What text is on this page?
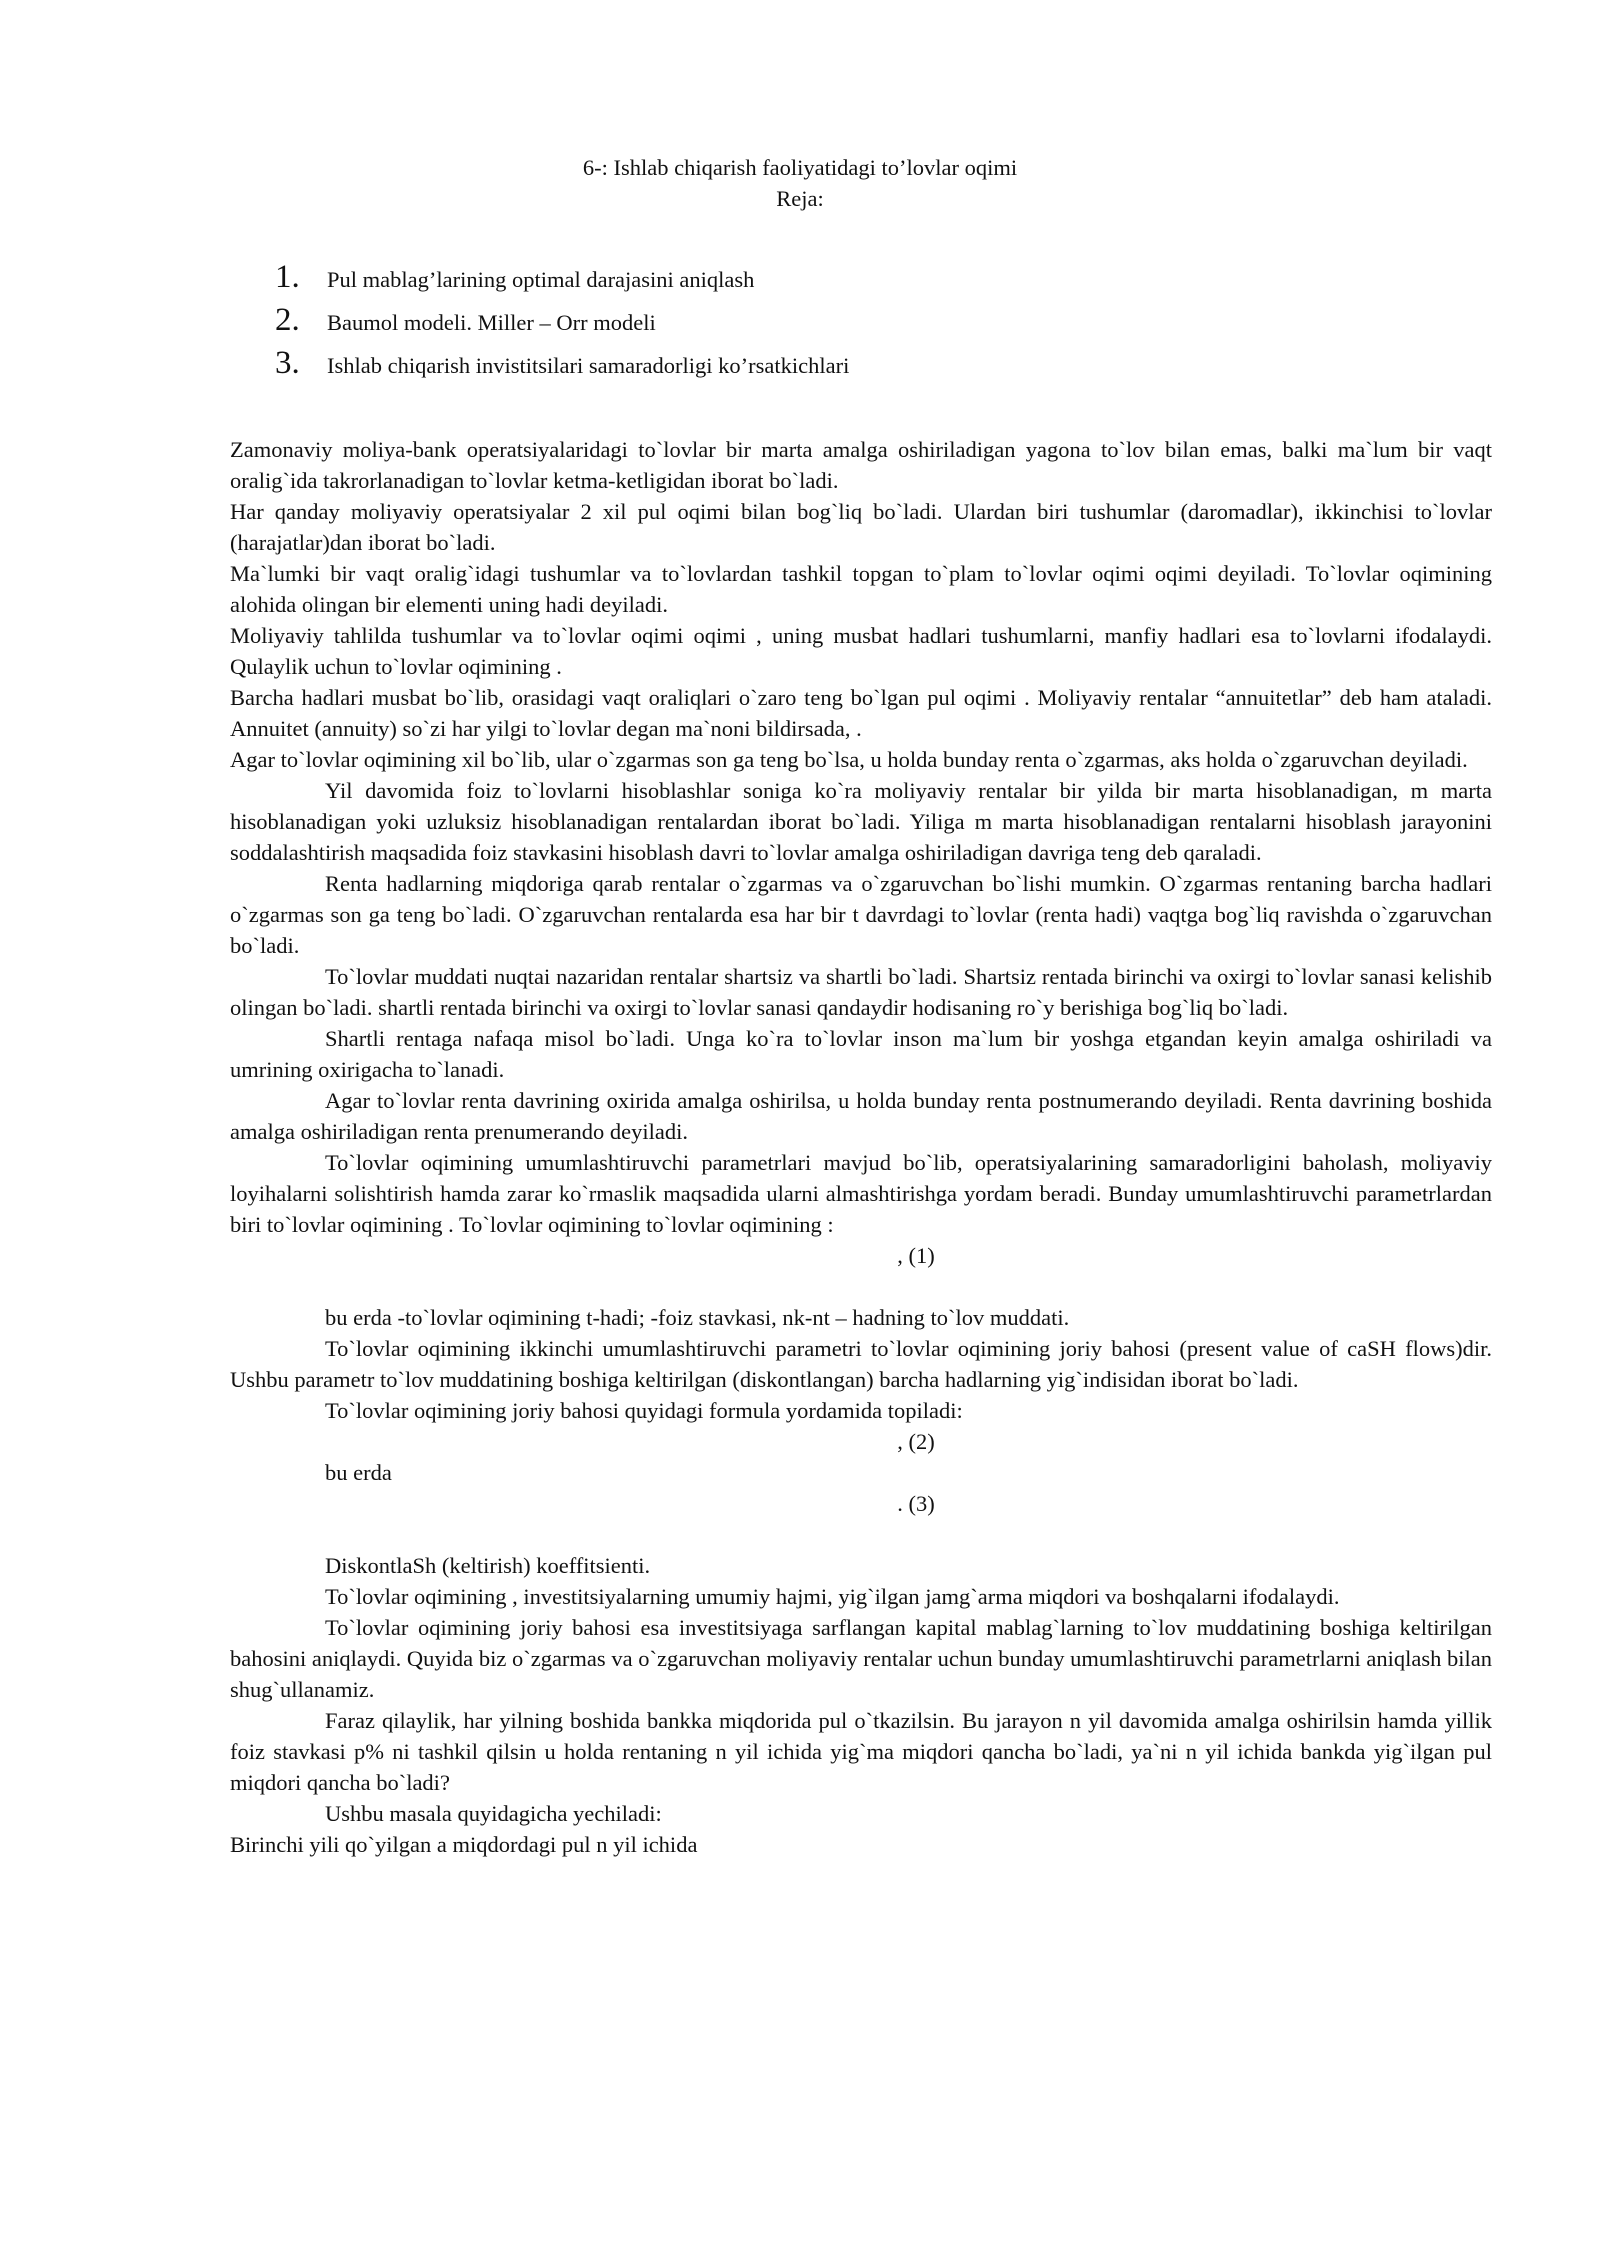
6-: Ishlab chiqarish faoliyatidagi to’lovlar oqimi
Reja:
1.	Pul mablag’larining optimal darajasini aniqlash
2.	Baumol modeli. Miller – Orr modeli
3.	Ishlab chiqarish invistitsilari samaradorligi ko’rsatkichlari

Zamonaviy moliya-bank operatsiyalaridagi to`lovlar bir marta amalga oshiriladigan yagona to`lov bilan emas, balki ma`lum bir vaqt oralig`ida takrorlanadigan to`lovlar ketma-ketligidan iborat bo`ladi.

Har qanday moliyaviy operatsiyalar 2 xil pul oqimi bilan bog`liq bo`ladi. Ulardan biri tushumlar (daromadlar), ikkinchisi to`lovlar (harajatlar)dan iborat bo`ladi.

Ma`lumki bir vaqt oralig`idagi tushumlar va to`lovlardan tashkil topgan to`plam to`lovlar oqimi oqimi deyiladi. To`lovlar oqimining alohida olingan bir elementi uning hadi deyiladi.

Moliyaviy tahlilda tushumlar va to`lovlar oqimi oqimi , uning musbat hadlari tushumlarni, manfiy hadlari esa to`lovlarni ifodalaydi. Qulaylik uchun to`lovlar oqimining .

Barcha hadlari musbat bo`lib, orasidagi vaqt oraliqlari o`zaro teng bo`lgan pul oqimi . Moliyaviy rentalar “annuitetlar” deb ham ataladi. Annuitet (annuity) so`zi har yilgi to`lovlar degan ma`noni bildirsada, .

Agar to`lovlar oqimining xil bo`lib, ular o`zgarmas son ga teng bo`lsa, u holda bunday renta o`zgarmas, aks holda o`zgaruvchan deyiladi.

Yil davomida foiz to`lovlarni hisoblashlar soniga ko`ra moliyaviy rentalar bir yilda bir marta hisoblanadigan, m marta hisoblanadigan yoki uzluksiz hisoblanadigan rentalardan iborat bo`ladi. Yiliga m marta hisoblanadigan rentalarni hisoblash jarayonini soddalashtirish maqsadida foiz stavkasini hisoblash davri to`lovlar amalga oshiriladigan davriga teng deb qaraladi.

Renta hadlarning miqdoriga qarab rentalar o`zgarmas va o`zgaruvchan bo`lishi mumkin. O`zgarmas rentaning barcha hadlari o`zgarmas son ga teng bo`ladi. O`zgaruvchan rentalarda esa har bir t davrdagi to`lovlar (renta hadi) vaqtga bog`liq ravishda o`zgaruvchan bo`ladi.

To`lovlar muddati nuqtai nazaridan rentalar shartsiz va shartli bo`ladi. Shartsiz rentada birinchi va oxirgi to`lovlar sanasi kelishib olingan bo`ladi. shartli rentada birinchi va oxirgi to`lovlar sanasi qandaydir hodisaning ro`y berishiga bog`liq bo`ladi.

Shartli rentaga nafaqa misol bo`ladi. Unga ko`ra to`lovlar inson ma`lum bir yoshga etgandan keyin amalga oshiriladi va umrining oxirigacha to`lanadi.

Agar to`lovlar renta davrining oxirida amalga oshirilsa, u holda bunday renta postnumerando deyiladi. Renta davrining boshida amalga oshiriladigan renta prenumerando deyiladi.

To`lovlar oqimining umumlashtiruvchi parametrlari mavjud bo`lib, operatsiyalarining samaradorligini baholash, moliyaviy loyihalarni solishtirish hamda zarar ko`rmaslik maqsadida ularni almashtirishga yordam beradi. Bunday umumlashtiruvchi parametrlardan biri to`lovlar oqimining . To`lovlar oqimining to`lovlar oqimining :

, (1)

bu erda -to`lovlar oqimining t-hadi; -foiz stavkasi, nk-nt – hadning to`lov muddati.

To`lovlar oqimining ikkinchi umumlashtiruvchi parametri to`lovlar oqimining joriy bahosi (present value of caSH flows)dir. Ushbu parametr to`lov muddatining boshiga keltirilgan (diskontlangan) barcha hadlarning yig`indisidan iborat bo`ladi.

To`lovlar oqimining joriy bahosi quyidagi formula yordamida topiladi:

, (2)

bu erda

. (3)

DiskontlaSh (keltirish) koeffitsienti.

To`lovlar oqimining , investitsiyalarning umumiy hajmi, yig`ilgan jamg`arma miqdori va boshqalarni ifodalaydi.

To`lovlar oqimining joriy bahosi esa investitsiyaga sarflangan kapital mablag`larning to`lov muddatining boshiga keltirilgan bahosini aniqlaydi. Quyida biz o`zgarmas va o`zgaruvchan moliyaviy rentalar uchun bunday umumlashtiruvchi parametrlarni aniqlash bilan shug`ullanamiz.

Faraz qilaylik, har yilning boshida bankka miqdorida pul o`tkazilsin. Bu jarayon n yil davomida amalga oshirilsin hamda yillik foiz stavkasi p% ni tashkil qilsin u holda rentaning n yil ichida yig`ma miqdori qancha bo`ladi, ya`ni n yil ichida bankda yig`ilgan pul miqdori qancha bo`ladi?

Ushbu masala quyidagicha yechiladi:

Birinchi yili qo`yilgan a miqdordagi pul n yil ichida
